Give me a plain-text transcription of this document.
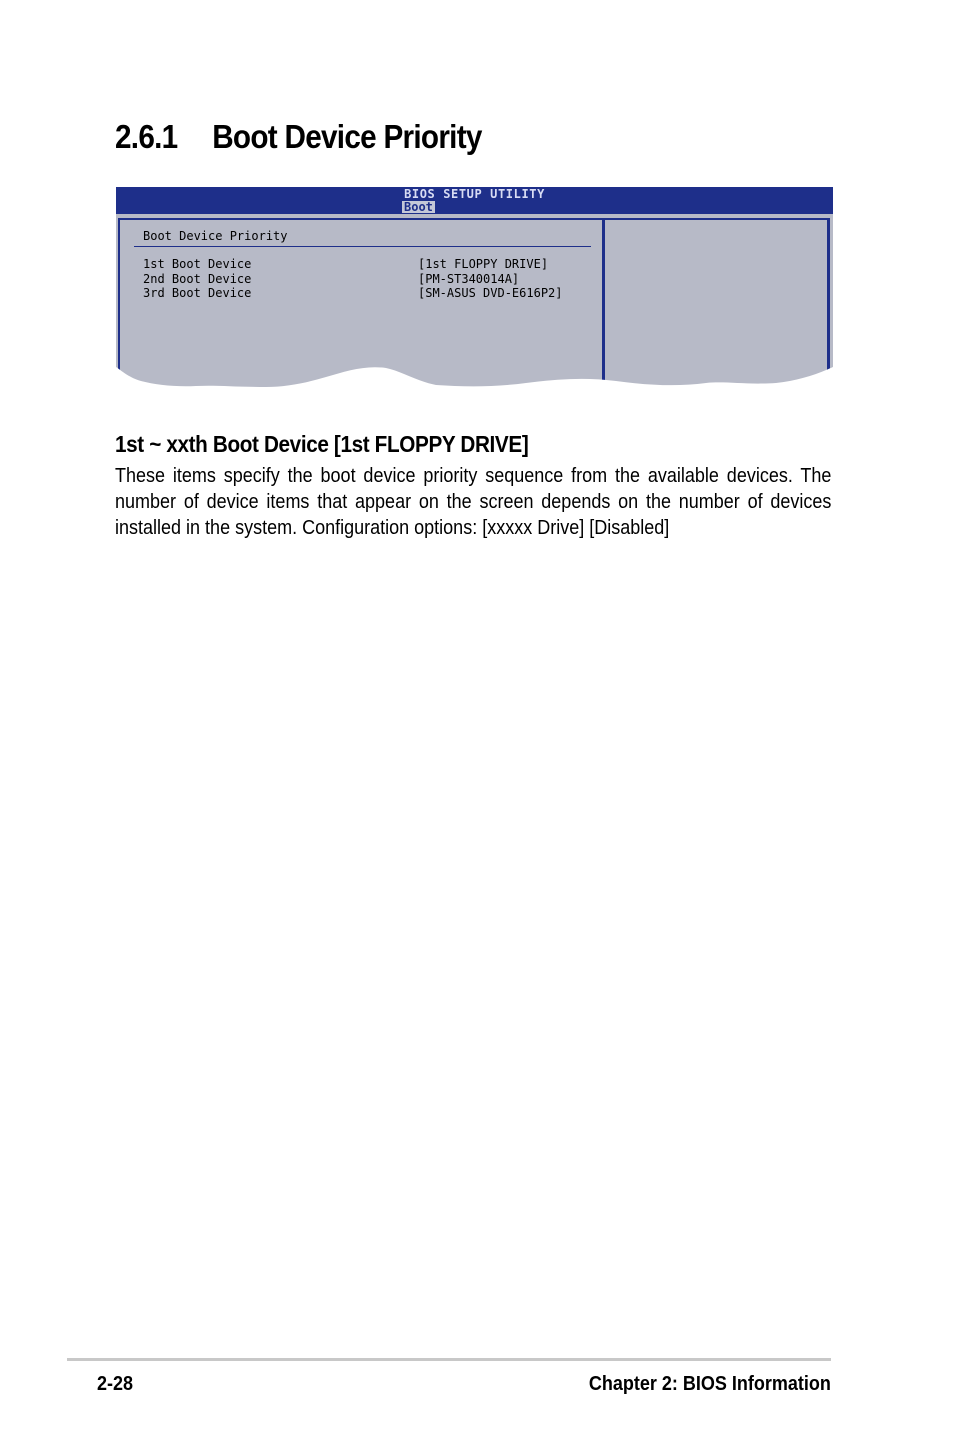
2.6.1 Boot Device Priority
BIOS SETUP UTILITY
Boot
Boot Device Priority

1st Boot Device

	[1st FLOPPY DRIVE]

2nd Boot Device

	[PM-ST340014A]

3rd Boot Device

	[SM-ASUS DVD-E616P2]

1st ~ xxth Boot Device [1st FLOPPY DRIVE]

These items specify the boot device priority sequence from the available devices. The number of device items that appear on the screen depends on the number of devices installed in the system. Configuration options: [xxxxx Drive] [Disabled]

2-28	Chapter 2: BIOS Information
